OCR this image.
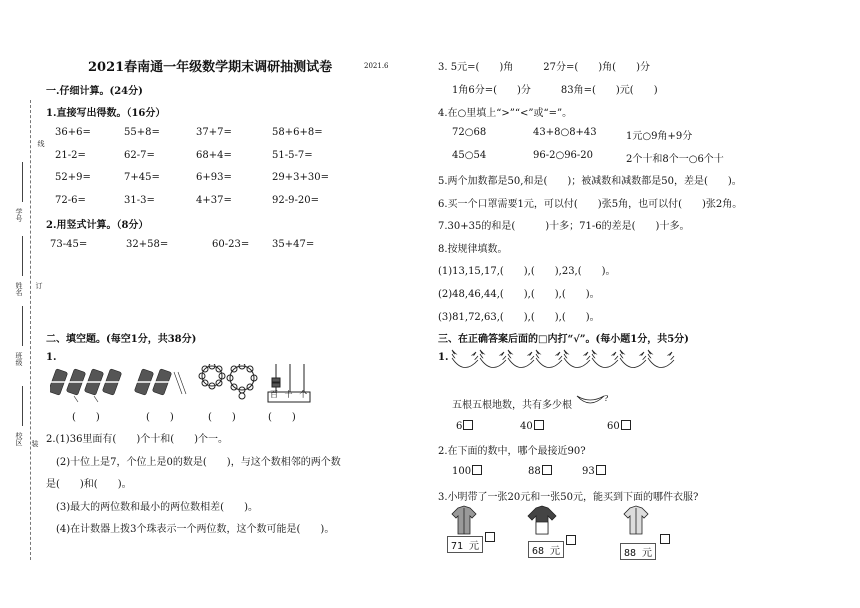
2021春南通一年级数学期末调研抽测试卷	2021.6
线
学号
姓名 订
班级
校区 装
一.仔细计算。(24分)
1.直接写出得数。（16分）
36+6=	55+8=	37+7=	58+6+8=
21-2=	62-7=	68+4=	51-5-7=
52+9=	7+45=	6+93=	29+3+30=
72-6=	31-3=	4+37=	92-9-20=
2.用竖式计算。（8分）
73-45=	32+58=	60-23= 35+47=
二、填空题。(每空1分，共38分)
1.
百 十 个
(　　)	(　　)	(　　)	(　　)
2.(1)36里面有(　　)个十和(　　)个一。
(2)十位上是7，个位上是0的数是(　　)，与这个数相邻的两个数
是(　　)和(　　)。
(3)最大的两位数和最小的两位数相差(　　)。
(4)在计数器上拨3个珠表示一个两位数，这个数可能是(　　)。
3. 5元=(　　)角　　　27分=(　　)角(　　)分
1角6分=(　　)分　　　83角=(　　)元(　　)
4.在○里填上“>”“<”或“=”。
72○68	43+8○8+43	1元○9角+9分
45○54	96-2○96-20	2个十和8个一○6个十
5.两个加数都是50,和是(　　)；被减数和减数都是50，差是(　　)。
6.买一个口罩需要1元，可以付(　　)张5角，也可以付(　　)张2角。
7.30+35的和是(　　　)十多；71-6的差是(　　)十多。
8.按规律填数。
(1)13,15,17,(　　),(　　),23,(　　)。
(2)48,46,44,(　　),(　　),(　　)。
(3)81,72,63,(　　),(　　),(　　)。
三、在正确答案后面的□内打“√”。(每小题1分，共5分)
1.
五根五根地数，共有多少根
?
6	40	60
2.在下面的数中，哪个最接近90?
100	88	93
3.小明带了一张20元和一张50元，能买到下面的哪件衣服?
71 元	68 元	88 元
